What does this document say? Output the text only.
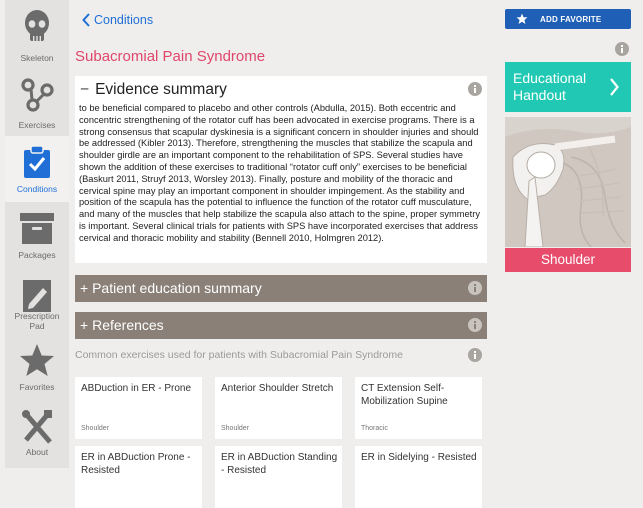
Skeleton
Exercises
Conditions
Packages
Prescription
Pad
Favorites
About
Conditions	ADD FAVORITE
Subacromial Pain Syndrome
− Evidence summary
to be beneficial compared to placebo and other controls (Abdulla, 2015). Both eccentric and concentric strengthening of the rotator cuff has been advocated in exercise programs. There is a strong consensus that scapular dyskinesia is a significant concern in shoulder injuries and should be addressed (Kibler 2013). Therefore, strengthening the muscles that stabilize the scapula and shoulder girdle are an important component to the rehabilitation of SPS. Several studies have shown the addition of these exercises to traditional “rotator cuff only” exercises to be beneficial (Baskurt 2011, Struyf 2013, Worsley 2013). Finally, posture and mobility of the thoracic and cervical spine may play an important component in shoulder impingement. As the stability and position of the scapula has the potential to influence the function of the rotator cuff musculature, and many of the muscles that help stabilize the scapula also attach to the spine, proper symmetry is important. Several clinical trials for patients with SPS have incorporated exercises that address cervical and thoracic mobility and stability (Bennell 2010, Holmgren 2012).
+ Patient education summary
+ References
Common exercises used for patients with Subacromial Pain Syndrome
ABDuction in ER - Prone
Shoulder
Anterior Shoulder Stretch
Shoulder
CT Extension Self-Mobilization Supine
Thoracic
ER in ABDuction Prone - Resisted
ER in ABDuction Standing - Resisted
ER in Sidelying - Resisted
Educational
Handout
Shoulder
